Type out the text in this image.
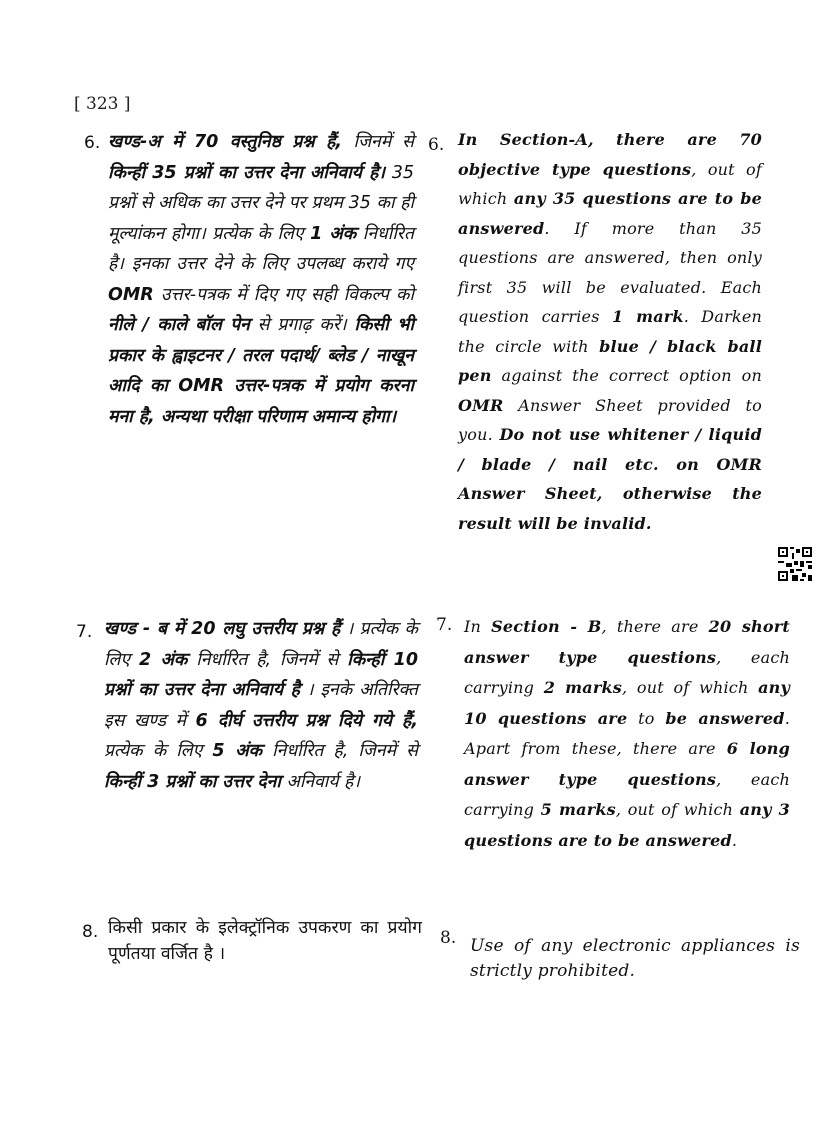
[ 323 ]
6. खण्ड-अ में 70 वस्तुनिष्ठ प्रश्न हैं, जिनमें से किन्हीं 35 प्रश्नों का उत्तर देना अनिवार्य है। 35 प्रश्नों से अधिक का उत्तर देने पर प्रथम 35 का ही मूल्यांकन होगा। प्रत्येक के लिए 1 अंक निर्धारित है। इनका उत्तर देने के लिए उपलब्ध कराये गए OMR उत्तर-पत्रक में दिए गए सही विकल्प को नीले / काले बॉल पेन से प्रगाढ़ करें। किसी भी प्रकार के ह्वाइटनर / तरल पदार्थ/ ब्लेड / नाखून आदि का OMR उत्तर-पत्रक में प्रयोग करना मना है, अन्यथा परीक्षा परिणाम अमान्य होगा।
6. In Section-A, there are 70 objective type questions, out of which any 35 questions are to be answered. If more than 35 questions are answered, then only first 35 will be evaluated. Each question carries 1 mark. Darken the circle with blue / black ball pen against the correct option on OMR Answer Sheet provided to you. Do not use whitener / liquid / blade / nail etc. on OMR Answer Sheet, otherwise the result will be invalid.
7. खण्ड - ब में 20 लघु उत्तरीय प्रश्न हैं । प्रत्येक के लिए 2 अंक निर्धारित है, जिनमें से किन्हीं 10 प्रश्नों का उत्तर देना अनिवार्य है । इनके अतिरिक्त इस खण्ड में 6 दीर्घ उत्तरीय प्रश्न दिये गये हैं, प्रत्येक के लिए 5 अंक निर्धारित है, जिनमें से किन्हीं 3 प्रश्नों का उत्तर देना अनिवार्य है।
7. In Section - B, there are 20 short answer type questions, each carrying 2 marks, out of which any 10 questions are to be answered. Apart from these, there are 6 long answer type questions, each carrying 5 marks, out of which any 3 questions are to be answered.
8. किसी प्रकार के इलेक्ट्रॉनिक उपकरण का प्रयोग पूर्णतया वर्जित है ।
8. Use of any electronic appliances is strictly prohibited.
